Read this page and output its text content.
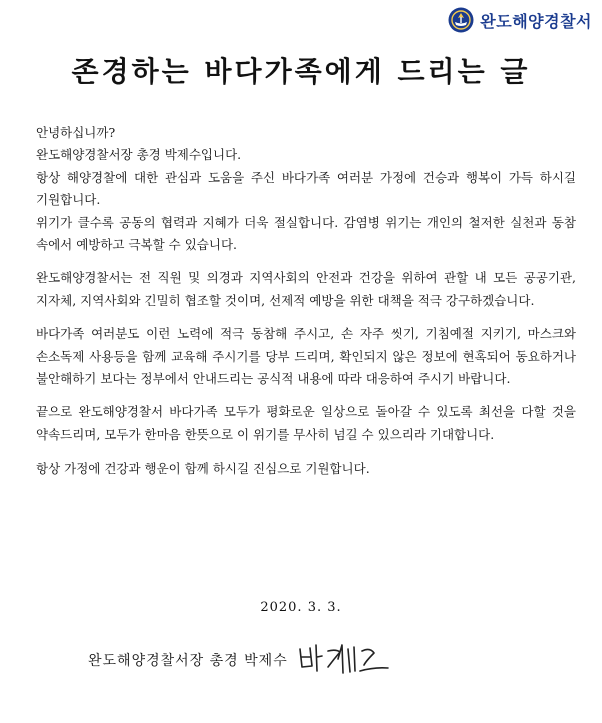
완도해양경찰서
존경하는 바다가족에게 드리는 글

안녕하십니까?

완도해양경찰서장 총경 박제수입니다.

항상 해양경찰에 대한 관심과 도움을 주신 바다가족 여러분 가정에 건승과 행복이 가득 하시길 기원합니다.

위기가 클수록 공동의 협력과 지혜가 더욱 절실합니다. 감염병 위기는 개인의 철저한 실천과 동참 속에서 예방하고 극복할 수 있습니다.

완도해양경찰서는 전 직원 및 의경과 지역사회의 안전과 건강을 위하여 관할 내 모든 공공기관, 지자체, 지역사회와 긴밀히 협조할 것이며, 선제적 예방을 위한 대책을 적극 강구하겠습니다.

바다가족 여러분도 이런 노력에 적극 동참해 주시고, 손 자주 씻기, 기침예절 지키기, 마스크와 손소독제 사용등을 함께 교육해 주시기를 당부 드리며, 확인되지 않은 정보에 현혹되어 동요하거나 불안해하기 보다는 정부에서 안내드리는 공식적 내용에 따라 대응하여 주시기 바랍니다.

끝으로 완도해양경찰서 바다가족 모두가 평화로운 일상으로 돌아갈 수 있도록 최선을 다할 것을 약속드리며, 모두가 한마음 한뜻으로 이 위기를 무사히 넘길 수 있으리라 기대합니다.

항상 가정에 건강과 행운이 함께 하시길 진심으로 기원합니다.

2020. 3. 3.
완도해양경찰서장 총경 박제수
